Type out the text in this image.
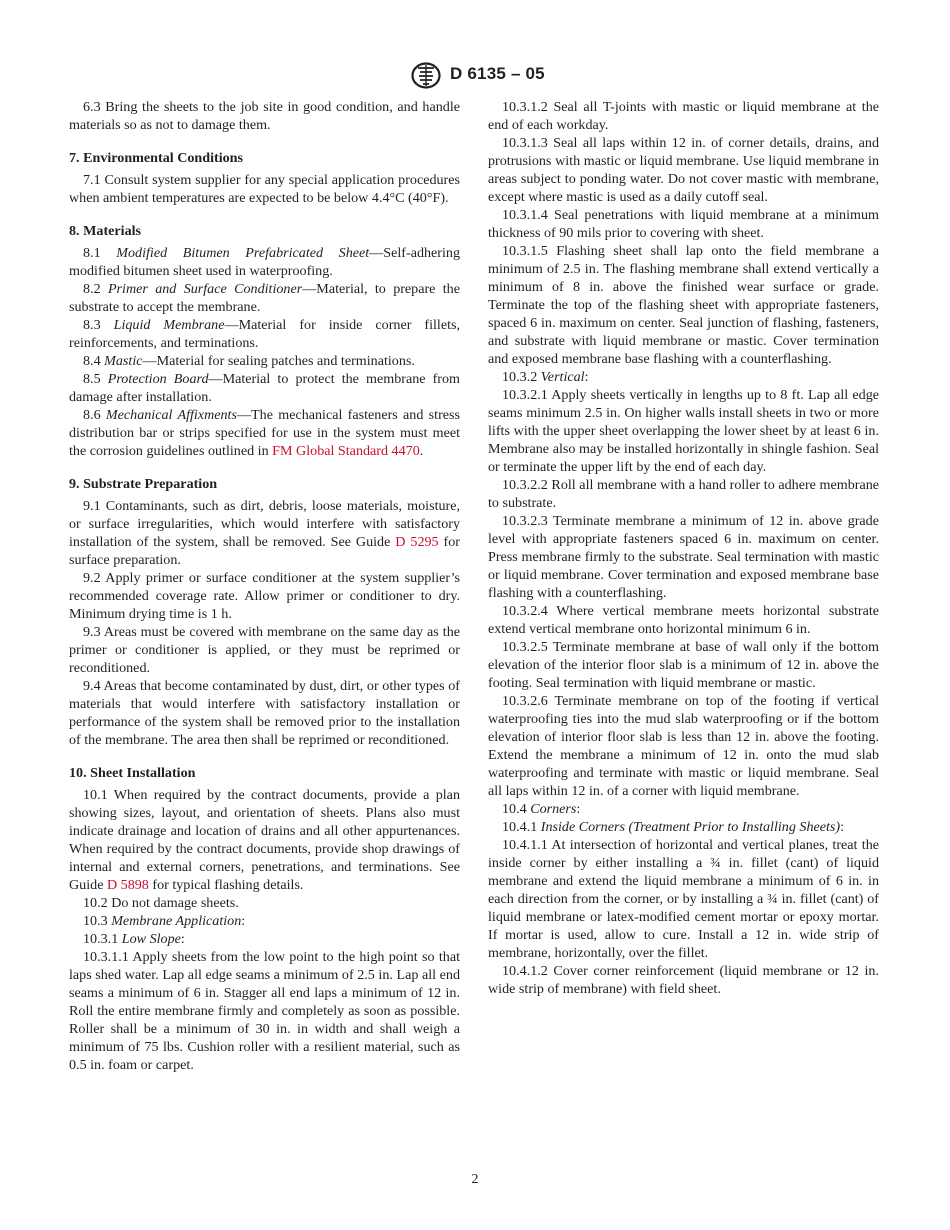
D 6135 – 05

6.3 Bring the sheets to the job site in good condition, and handle materials so as not to damage them.

7. Environmental Conditions

7.1 Consult system supplier for any special application procedures when ambient temperatures are expected to be below 4.4°C (40°F).

8. Materials

8.1 Modified Bitumen Prefabricated Sheet—Self-adhering modified bitumen sheet used in waterproofing.

8.2 Primer and Surface Conditioner—Material, to prepare the substrate to accept the membrane.

8.3 Liquid Membrane—Material for inside corner fillets, reinforcements, and terminations.

8.4 Mastic—Material for sealing patches and terminations.

8.5 Protection Board—Material to protect the membrane from damage after installation.

8.6 Mechanical Affixments—The mechanical fasteners and stress distribution bar or strips specified for use in the system must meet the corrosion guidelines outlined in FM Global Standard 4470.

9. Substrate Preparation

9.1 Contaminants, such as dirt, debris, loose materials, moisture, or surface irregularities, which would interfere with satisfactory installation of the system, shall be removed. See Guide D 5295 for surface preparation.

9.2 Apply primer or surface conditioner at the system supplier’s recommended coverage rate. Allow primer or conditioner to dry. Minimum drying time is 1 h.

9.3 Areas must be covered with membrane on the same day as the primer or conditioner is applied, or they must be reprimed or reconditioned.

9.4 Areas that become contaminated by dust, dirt, or other types of materials that would interfere with satisfactory installation or performance of the system shall be removed prior to the installation of the membrane. The area then shall be reprimed or reconditioned.

10. Sheet Installation

10.1 When required by the contract documents, provide a plan showing sizes, layout, and orientation of sheets. Plans also must indicate drainage and location of drains and all other appurtenances. When required by the contract documents, provide shop drawings of internal and external corners, penetrations, and terminations. See Guide D 5898 for typical flashing details.

10.2 Do not damage sheets.

10.3 Membrane Application:

10.3.1 Low Slope:

10.3.1.1 Apply sheets from the low point to the high point so that laps shed water. Lap all edge seams a minimum of 2.5 in. Lap all end seams a minimum of 6 in. Stagger all end laps a minimum of 12 in. Roll the entire membrane firmly and completely as soon as possible. Roller shall be a minimum of 30 in. in width and shall weigh a minimum of 75 lbs. Cushion roller with a resilient material, such as 0.5 in. foam or carpet.

10.3.1.2 Seal all T-joints with mastic or liquid membrane at the end of each workday.

10.3.1.3 Seal all laps within 12 in. of corner details, drains, and protrusions with mastic or liquid membrane. Use liquid membrane in areas subject to ponding water. Do not cover mastic with membrane, except where mastic is used as a daily cutoff seal.

10.3.1.4 Seal penetrations with liquid membrane at a minimum thickness of 90 mils prior to covering with sheet.

10.3.1.5 Flashing sheet shall lap onto the field membrane a minimum of 2.5 in. The flashing membrane shall extend vertically a minimum of 8 in. above the finished wear surface or grade. Terminate the top of the flashing sheet with appropriate fasteners, spaced 6 in. maximum on center. Seal junction of flashing, fasteners, and substrate with liquid membrane or mastic. Cover termination and exposed membrane base flashing with a counterflashing.

10.3.2 Vertical:

10.3.2.1 Apply sheets vertically in lengths up to 8 ft. Lap all edge seams minimum 2.5 in. On higher walls install sheets in two or more lifts with the upper sheet overlapping the lower sheet by at least 6 in. Membrane also may be installed horizontally in shingle fashion. Seal or terminate the upper lift by the end of each day.

10.3.2.2 Roll all membrane with a hand roller to adhere membrane to substrate.

10.3.2.3 Terminate membrane a minimum of 12 in. above grade level with appropriate fasteners spaced 6 in. maximum on center. Press membrane firmly to the substrate. Seal termination with mastic or liquid membrane. Cover termination and exposed membrane base flashing with a counterflashing.

10.3.2.4 Where vertical membrane meets horizontal substrate extend vertical membrane onto horizontal minimum 6 in.

10.3.2.5 Terminate membrane at base of wall only if the bottom elevation of the interior floor slab is a minimum of 12 in. above the footing. Seal termination with liquid membrane or mastic.

10.3.2.6 Terminate membrane on top of the footing if vertical waterproofing ties into the mud slab waterproofing or if the bottom elevation of interior floor slab is less than 12 in. above the footing. Extend the membrane a minimum of 12 in. onto the mud slab waterproofing and terminate with mastic or liquid membrane. Seal all laps within 12 in. of a corner with liquid membrane.

10.4 Corners:

10.4.1 Inside Corners (Treatment Prior to Installing Sheets):

10.4.1.1 At intersection of horizontal and vertical planes, treat the inside corner by either installing a ¾ in. fillet (cant) of liquid membrane and extend the liquid membrane a minimum of 6 in. in each direction from the corner, or by installing a ¾ in. fillet (cant) of liquid membrane or latex-modified cement mortar or epoxy mortar. If mortar is used, allow to cure. Install a 12 in. wide strip of membrane, horizontally, over the fillet.

10.4.1.2 Cover corner reinforcement (liquid membrane or 12 in. wide strip of membrane) with field sheet.

2
